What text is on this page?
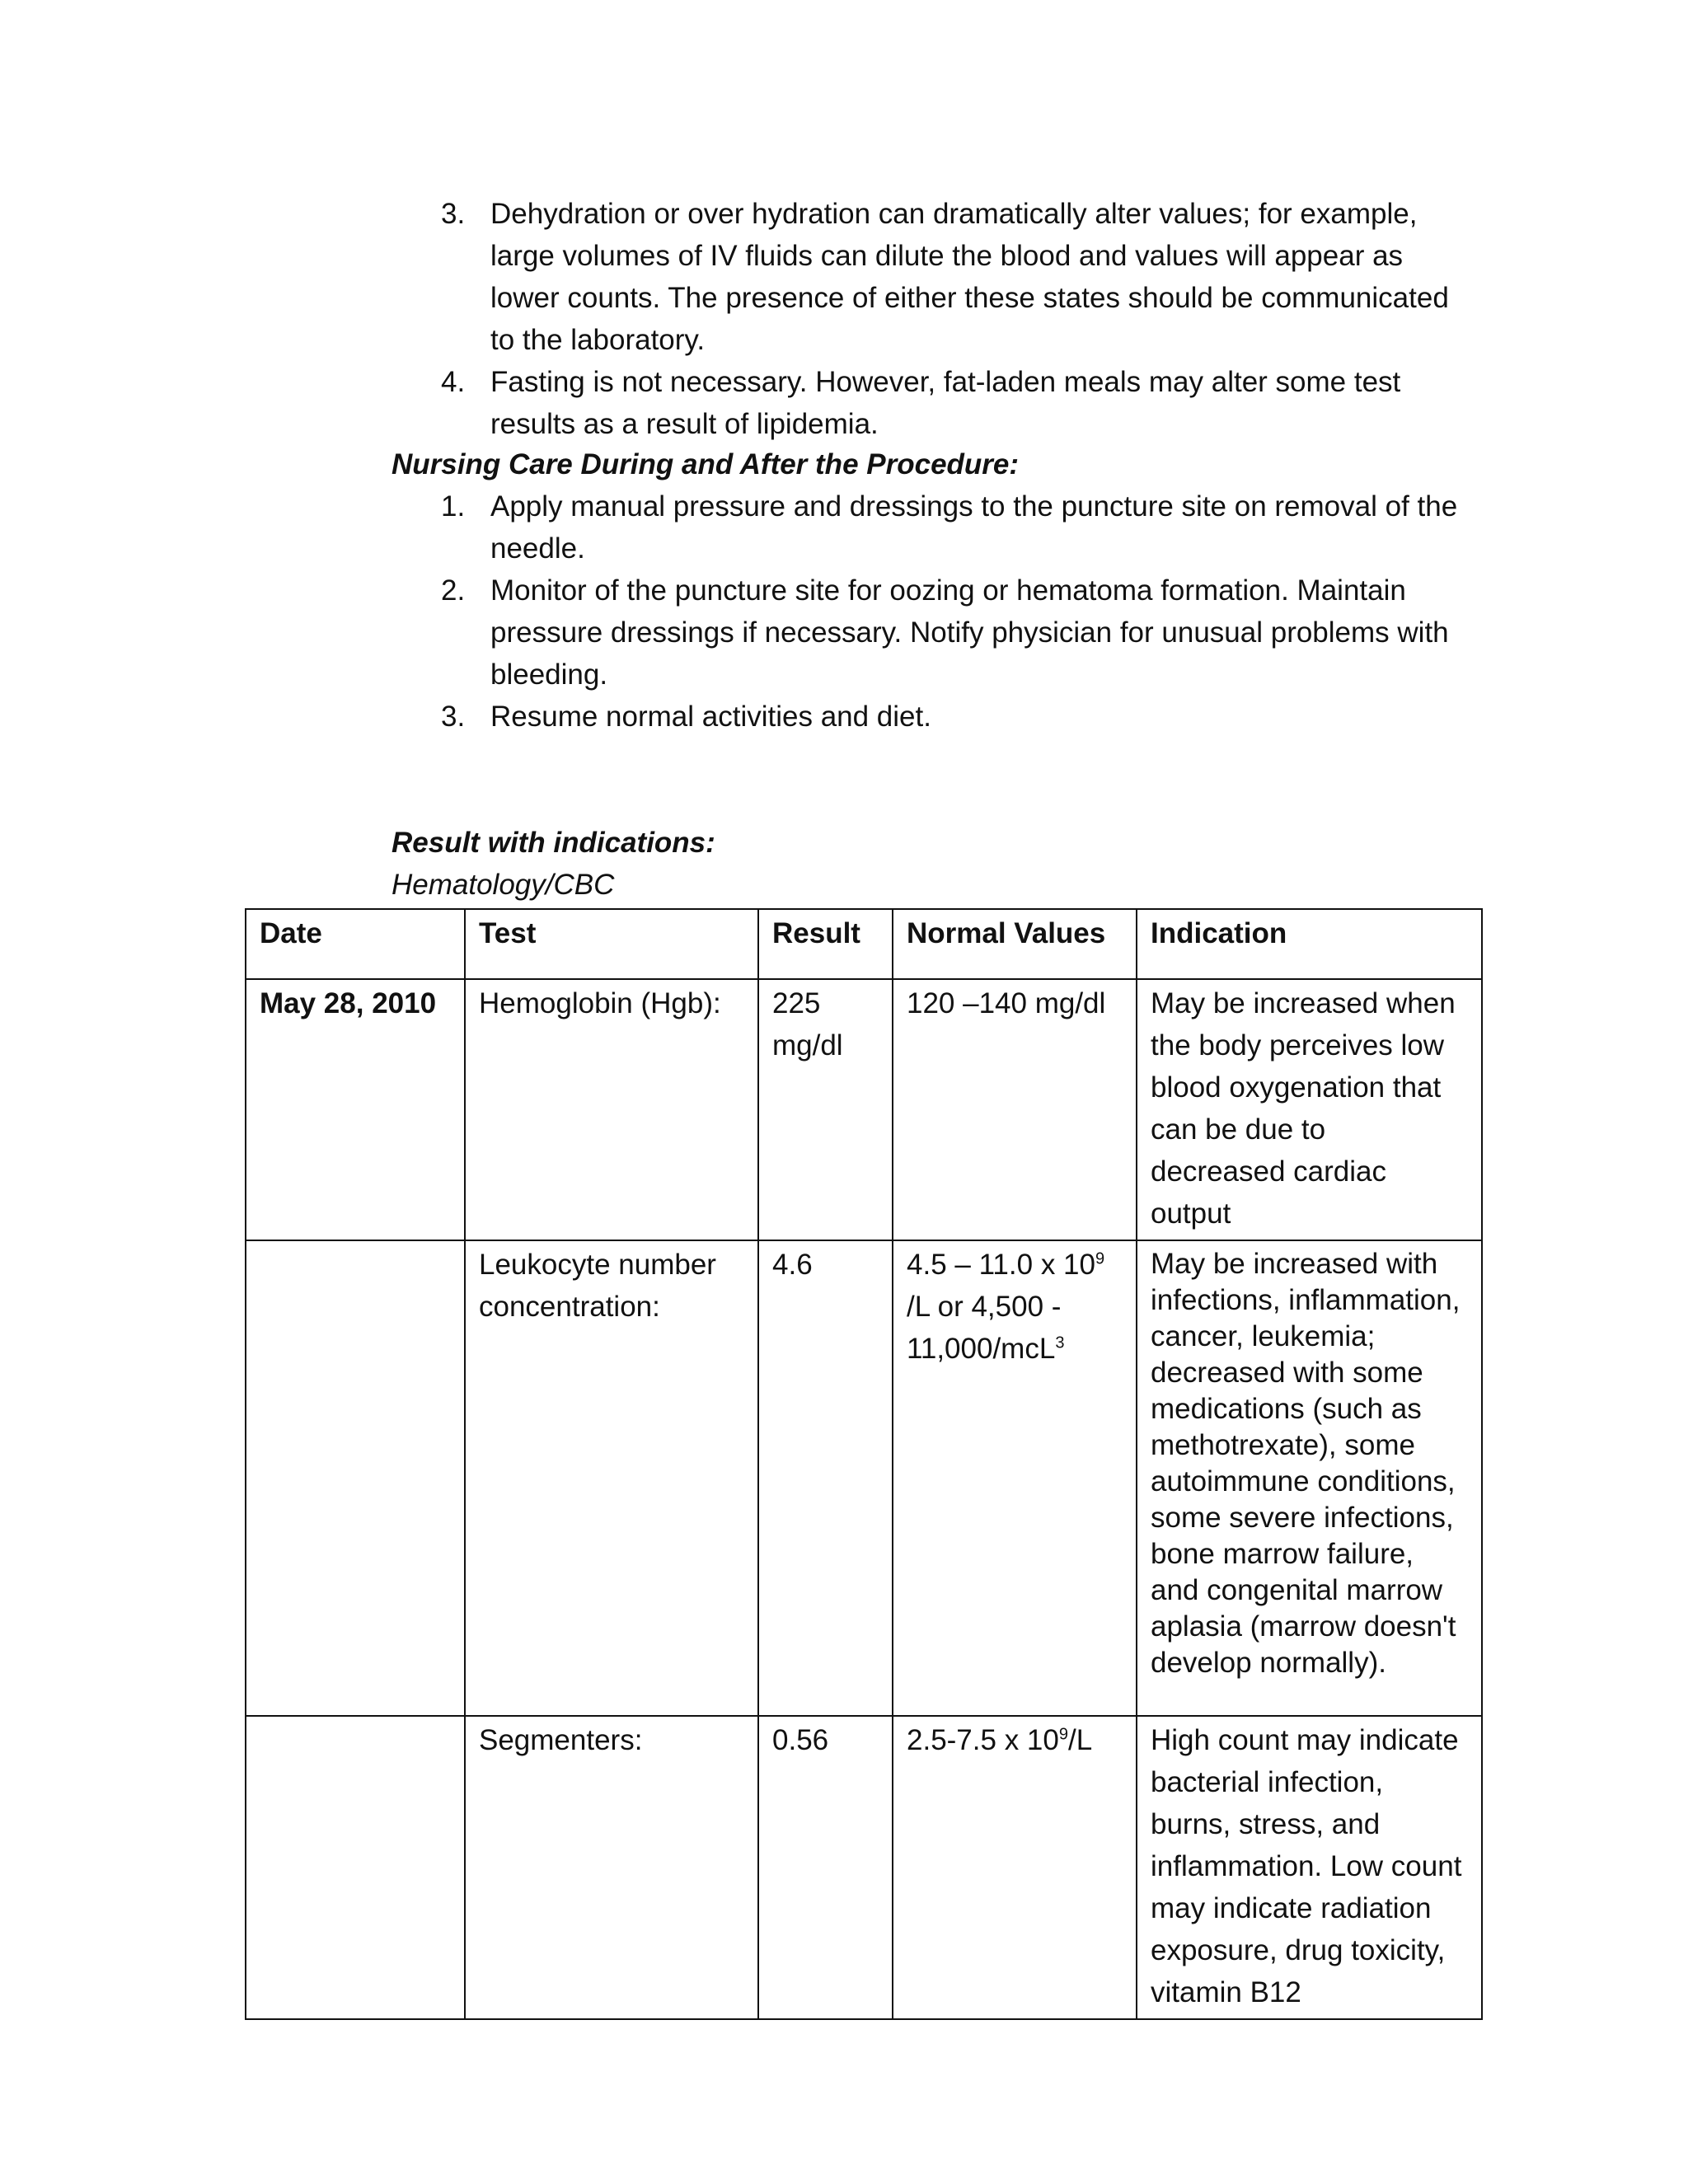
3. Dehydration or over hydration can dramatically alter values; for example, large volumes of IV fluids can dilute the blood and values will appear as lower counts. The presence of either these states should be communicated to the laboratory.
4. Fasting is not necessary. However, fat-laden meals may alter some test results as a result of lipidemia.
Nursing Care During and After the Procedure:
1. Apply manual pressure and dressings to the puncture site on removal of the needle.
2. Monitor of the puncture site for oozing or hematoma formation. Maintain pressure dressings if necessary. Notify physician for unusual problems with bleeding.
3. Resume normal activities and diet.
Result with indications:
Hematology/CBC
Date	Test	Result	Normal Values	Indication
May 28, 2010	Hemoglobin (Hgb):	225 mg/dl	120 –140 mg/dl	May be increased when the body perceives low blood oxygenation that can be due to decreased cardiac output
	Leukocyte number concentration:	4.6	4.5 – 11.0 x $10^9$ /L or 4,500 - 11,000/mcL$^3$	May be increased with infections, inflammation, cancer, leukemia; decreased with some medications (such as methotrexate), some autoimmune conditions, some severe infections, bone marrow failure, and congenital marrow aplasia (marrow doesn't develop normally).
	Segmenters:	0.56	2.5-7.5 x $10^9/L$	High count may indicate bacterial infection, burns, stress, and inflammation. Low count may indicate radiation exposure, drug toxicity, vitamin B12
